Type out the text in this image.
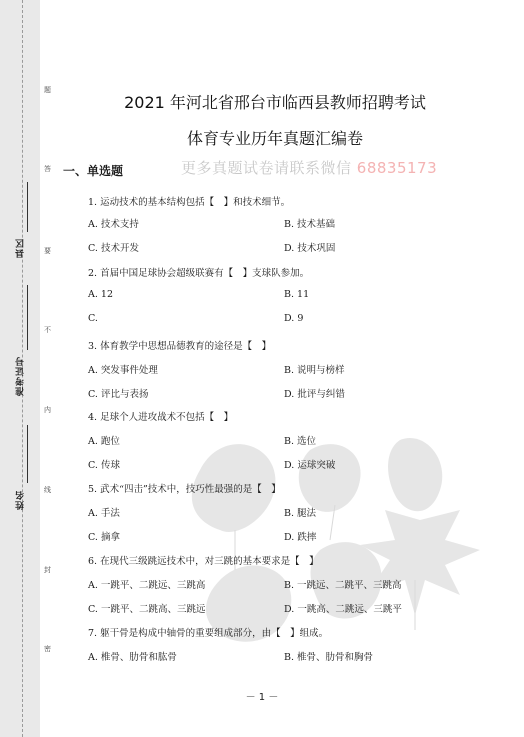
题
答
要
不
内
线
封
密
县区
准考证号
姓名
2021 年河北省邢台市临西县教师招聘考试
体育专业历年真题汇编卷
更多真题试卷请联系微信 68835173
一、单选题
1. 运动技术的基本结构包括【　】和技术细节。
A. 技术支持	B. 技术基础
C. 技术开发	D. 技术巩固
2. 首届中国足球协会超级联赛有【　】支球队参加。
A. 12	B. 11
C.	D. 9
3. 体育教学中思想品德教育的途径是【　】
A. 突发事件处理	B. 说明与榜样
C. 评比与表扬	D. 批评与纠错
4. 足球个人进攻战术不包括【　】
A. 跑位	B. 选位
C. 传球	D. 运球突破
5. 武术“四击”技术中，技巧性最强的是【　】
A. 手法	B. 腿法
C. 摘拿	D. 跌摔
6. 在现代三级跳远技术中，对三跳的基本要求是【　】
A. 一跳平、二跳远、三跳高	B. 一跳远、二跳平、三跳高
C. 一跳平、二跳高、三跳远	D. 一跳高、二跳远、三跳平
7. 躯干骨是构成中轴骨的重要组成部分，由【　】组成。
A. 椎骨、肋骨和肱骨	B. 椎骨、肋骨和胸骨
－ 1 －
